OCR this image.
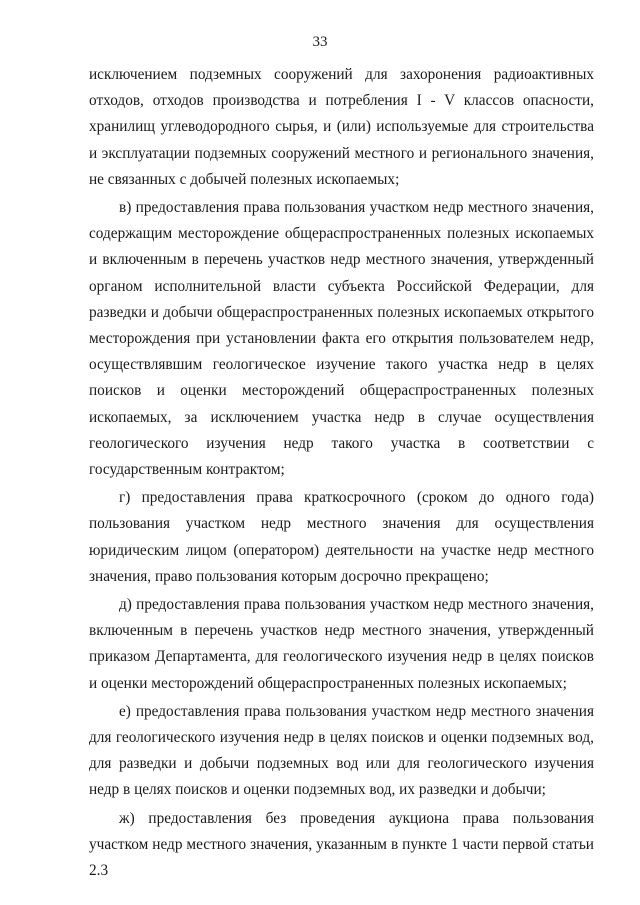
33

исключением подземных сооружений для захоронения радиоактивных отходов, отходов производства и потребления I - V классов опасности, хранилищ углеводородного сырья, и (или) используемые для строительства и эксплуатации подземных сооружений местного и регионального значения, не связанных с добычей полезных ископаемых;

в) предоставления права пользования участком недр местного значения, содержащим месторождение общераспространенных полезных ископаемых и включенным в перечень участков недр местного значения, утвержденный органом исполнительной власти субъекта Российской Федерации, для разведки и добычи общераспространенных полезных ископаемых открытого месторождения при установлении факта его открытия пользователем недр, осуществлявшим геологическое изучение такого участка недр в целях поисков и оценки месторождений общераспространенных полезных ископаемых, за исключением участка недр в случае осуществления геологического изучения недр такого участка в соответствии с государственным контрактом;

г) предоставления права краткосрочного (сроком до одного года) пользования участком недр местного значения для осуществления юридическим лицом (оператором) деятельности на участке недр местного значения, право пользования которым досрочно прекращено;

д) предоставления права пользования участком недр местного значения, включенным в перечень участков недр местного значения, утвержденный приказом Департамента, для геологического изучения недр в целях поисков и оценки месторождений общераспространенных полезных ископаемых;

е) предоставления права пользования участком недр местного значения для геологического изучения недр в целях поисков и оценки подземных вод, для разведки и добычи подземных вод или для геологического изучения недр в целях поисков и оценки подземных вод, их разведки и добычи;

ж) предоставления без проведения аукциона права пользования участком недр местного значения, указанным в пункте 1 части первой статьи 2.3
